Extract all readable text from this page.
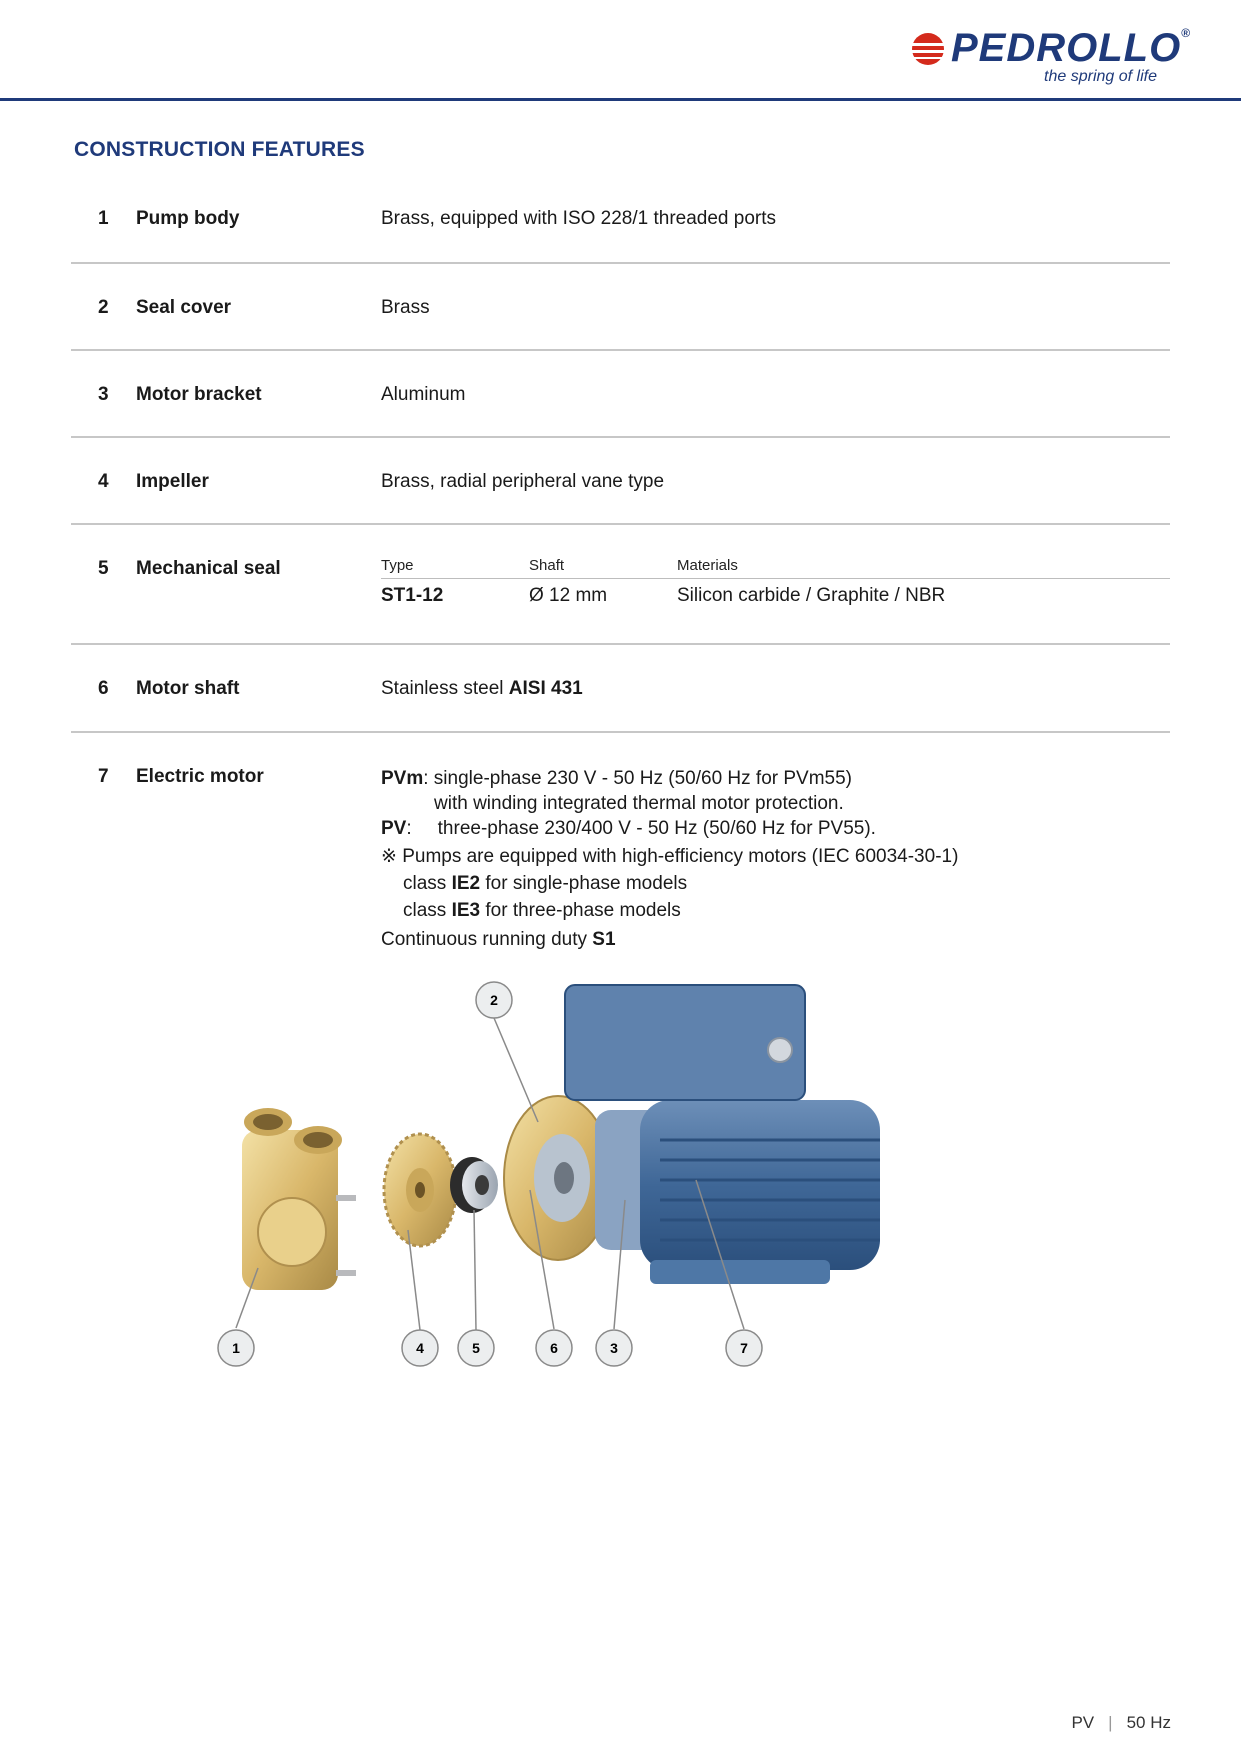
PEDROLLO®
the spring of life
CONSTRUCTION FEATURES
1 Pump body	Brass, equipped with ISO 228/1 threaded ports
2 Seal cover	Brass
3 Motor bracket	Aluminum
4 Impeller	Brass, radial peripheral vane type
5 Mechanical seal	Type	Shaft	Materials
ST1-12	Ø 12 mm	Silicon carbide / Graphite / NBR
6 Motor shaft	Stainless steel AISI 431
7 Electric motor	PVm: single-phase 230 V - 50 Hz (50/60 Hz for PVm55)
with winding integrated thermal motor protection.
PV: three-phase 230/400 V - 50 Hz (50/60 Hz for PV55).
※ Pumps are equipped with high-efficiency motors (IEC 60034-30-1)
class IE2 for single-phase models
class IE3 for three-phase models
Continuous running duty S1
1
2
3
4	5	6	7
PV | 50 Hz
